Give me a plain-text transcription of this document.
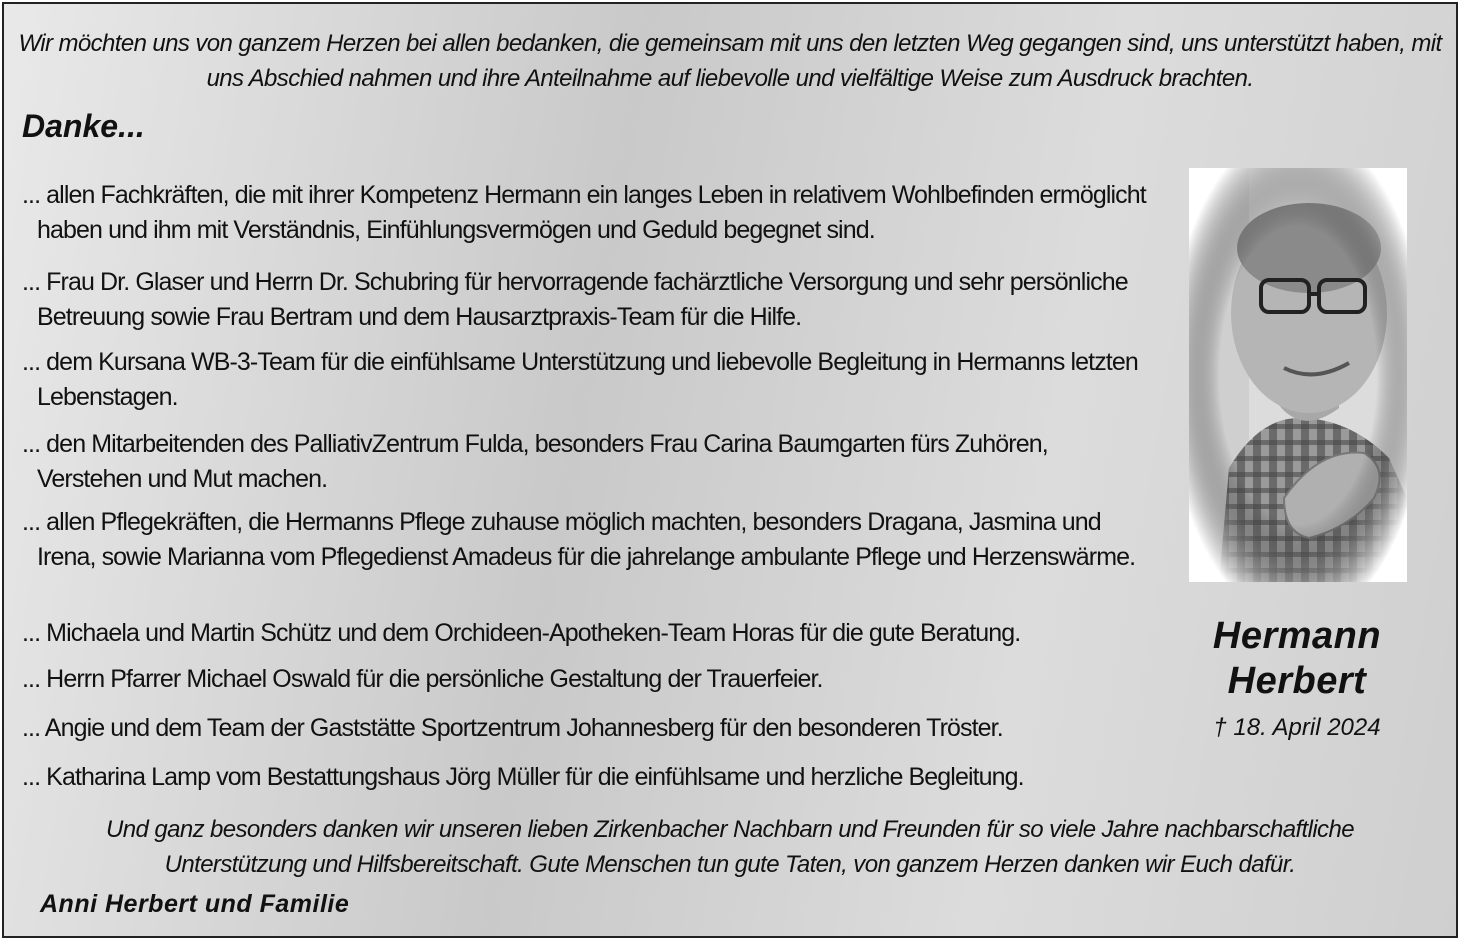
Wir möchten uns von ganzem Herzen bei allen bedanken, die gemeinsam mit uns den letzten Weg gegangen sind, uns unterstützt haben, mit uns Abschied nahmen und ihre Anteilnahme auf liebevolle und vielfältige Weise zum Ausdruck brachten.
Danke...
... allen Fachkräften, die mit ihrer Kompetenz Hermann ein langes Leben in relativem Wohlbefinden ermöglicht haben und ihm mit Verständnis, Einfühlungsvermögen und Geduld begegnet sind.
... Frau Dr. Glaser und Herrn Dr. Schubring für hervorragende fachärztliche Versorgung und sehr persönliche Betreuung sowie Frau Bertram und dem Hausarztpraxis-Team für die Hilfe.
... dem Kursana WB-3-Team für die einfühlsame Unterstützung und liebevolle Begleitung in Hermanns letzten Lebenstagen.
... den Mitarbeitenden des PalliativZentrum Fulda, besonders Frau Carina Baumgarten fürs Zuhören, Verstehen und Mut machen.
... allen Pflegekräften, die Hermanns Pflege zuhause möglich machten, besonders Dragana, Jasmina und Irena, sowie Marianna vom Pflegedienst Amadeus für die jahrelange ambulante Pflege und Herzenswärme.
... Michaela und Martin Schütz und dem Orchideen-Apotheken-Team Horas für die gute Beratung.
... Herrn Pfarrer Michael Oswald für die persönliche Gestaltung der Trauerfeier.
... Angie und dem Team der Gaststätte Sportzentrum Johannesberg für den besonderen Tröster.
... Katharina Lamp vom Bestattungshaus Jörg Müller für die einfühlsame und herzliche Begleitung.
Hermann
Herbert
† 18. April 2024
Und ganz besonders danken wir unseren lieben Zirkenbacher Nachbarn und Freunden für so viele Jahre nachbarschaftliche Unterstützung und Hilfsbereitschaft. Gute Menschen tun gute Taten, von ganzem Herzen danken wir Euch dafür.
Anni Herbert und Familie
